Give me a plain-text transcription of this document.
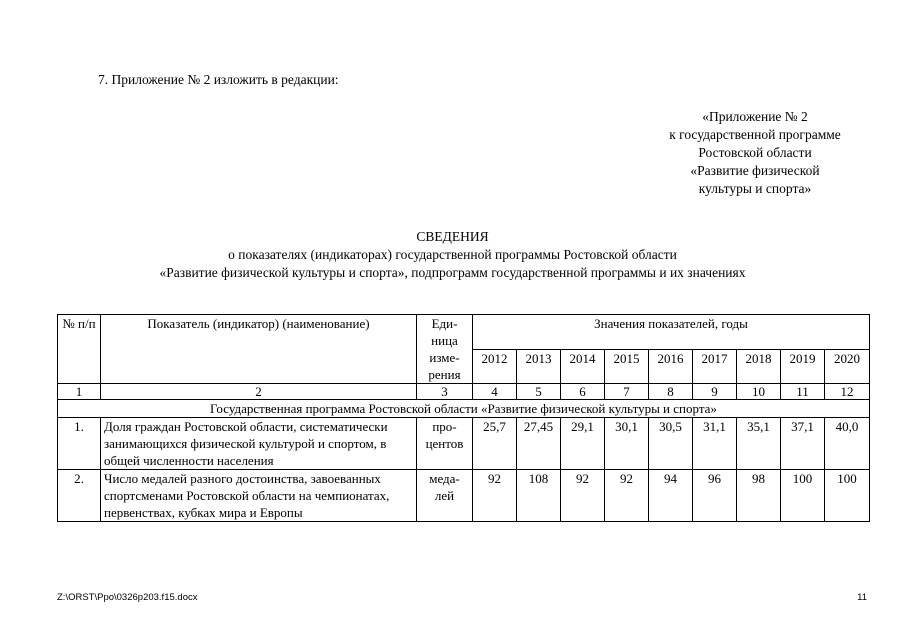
7. Приложение № 2 изложить в редакции:
«Приложение № 2
к государственной программе
Ростовской области
«Развитие физической
культуры и спорта»
СВЕДЕНИЯ
о показателях (индикаторах) государственной программы Ростовской области
«Развитие физической культуры и спорта», подпрограмм государственной программы и их значениях
№ п/п	Показатель (индикатор) (наименование)	Еди-ница изме-рения	Значения показателей, годы								
			2012	2013	2014	2015	2016	2017	2018	2019	2020
1	2	3	4	5	6	7	8	9	10	11	12
Государственная программа Ростовской области «Развитие физической культуры и спорта»											
1.	Доля граждан Ростовской области, систематически занимающихся физической культурой и спортом, в общей численности населения	про-центов	25,7	27,45	29,1	30,1	30,5	31,1	35,1	37,1	40,0
2.	Число медалей разного достоинства, завоеванных спортсменами Ростовской области на чемпионатах, первенствах, кубках мира и Европы	меда-лей	92	108	92	92	94	96	98	100	100
Z:\ORST\Ppo\0326p203.f15.docx	11
